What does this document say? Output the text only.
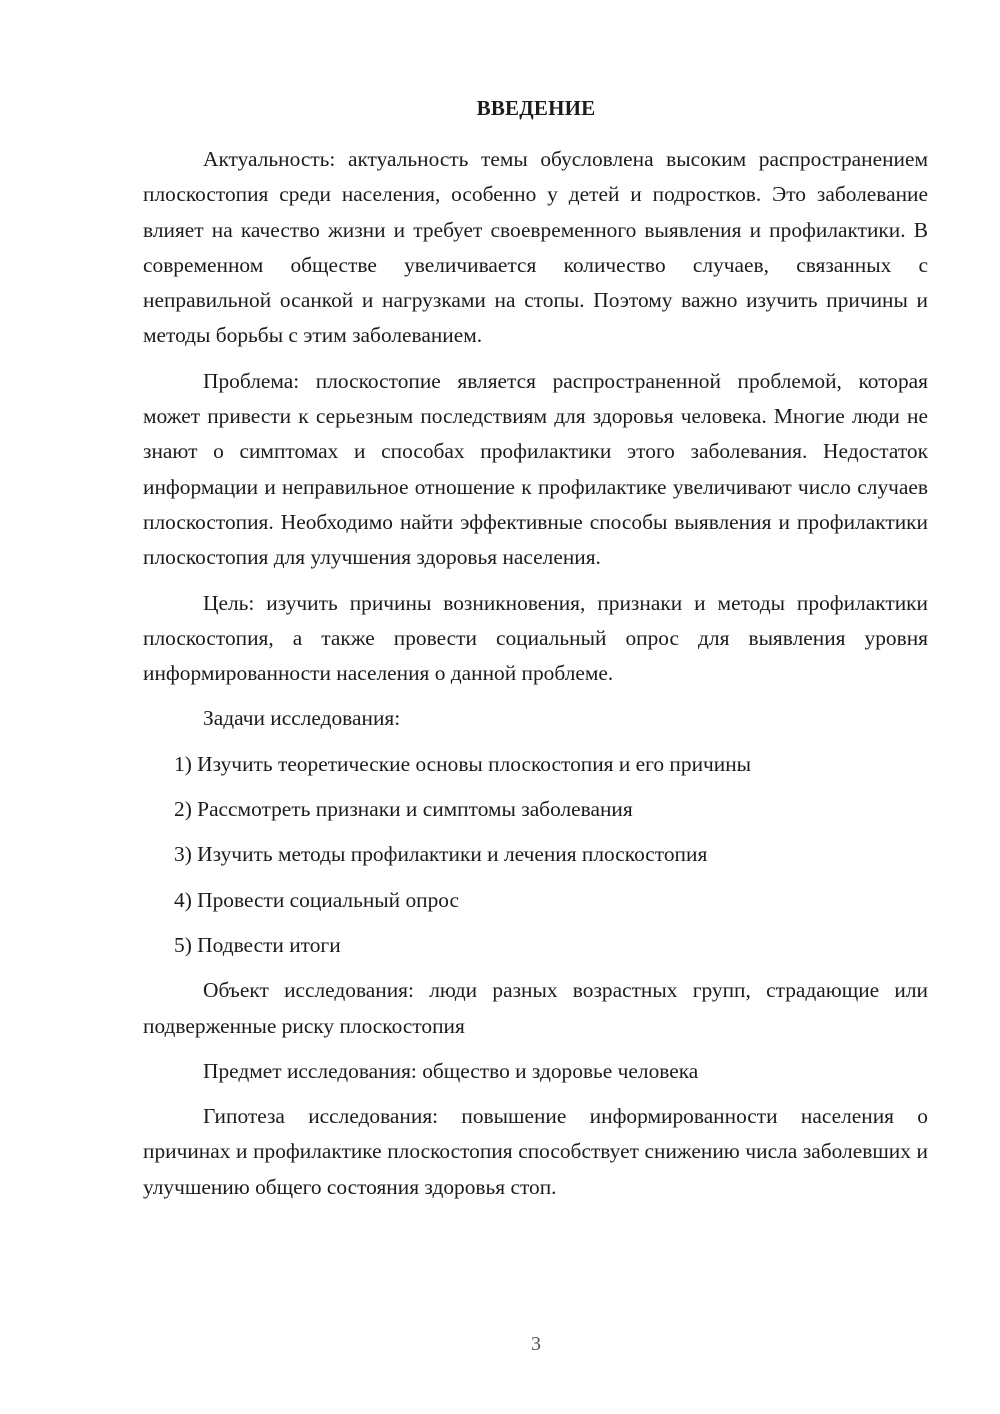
ВВЕДЕНИЕ

Актуальность: актуальность темы обусловлена высоким распространением плоскостопия среди населения, особенно у детей и подростков. Это заболевание влияет на качество жизни и требует своевременного выявления и профилактики. В современном обществе увеличивается количество случаев, связанных с неправильной осанкой и нагрузками на стопы. Поэтому важно изучить причины и методы борьбы с этим заболеванием.

Проблема: плоскостопие является распространенной проблемой, которая может привести к серьезным последствиям для здоровья человека. Многие люди не знают о симптомах и способах профилактики этого заболевания. Недостаток информации и неправильное отношение к профилактике увеличивают число случаев плоскостопия. Необходимо найти эффективные способы выявления и профилактики плоскостопия для улучшения здоровья населения.

Цель: изучить причины возникновения, признаки и методы профилактики плоскостопия, а также провести социальный опрос для выявления уровня информированности населения о данной проблеме.

Задачи исследования:

1) Изучить теоретические основы плоскостопия и его причины
2) Рассмотреть признаки и симптомы заболевания
3) Изучить методы профилактики и лечения плоскостопия
4) Провести социальный опрос
5) Подвести итоги

Объект исследования: люди разных возрастных групп, страдающие или подверженные риску плоскостопия

Предмет исследования: общество и здоровье человека

Гипотеза исследования: повышение информированности населения о причинах и профилактике плоскостопия способствует снижению числа заболевших и улучшению общего состояния здоровья стоп.

3
